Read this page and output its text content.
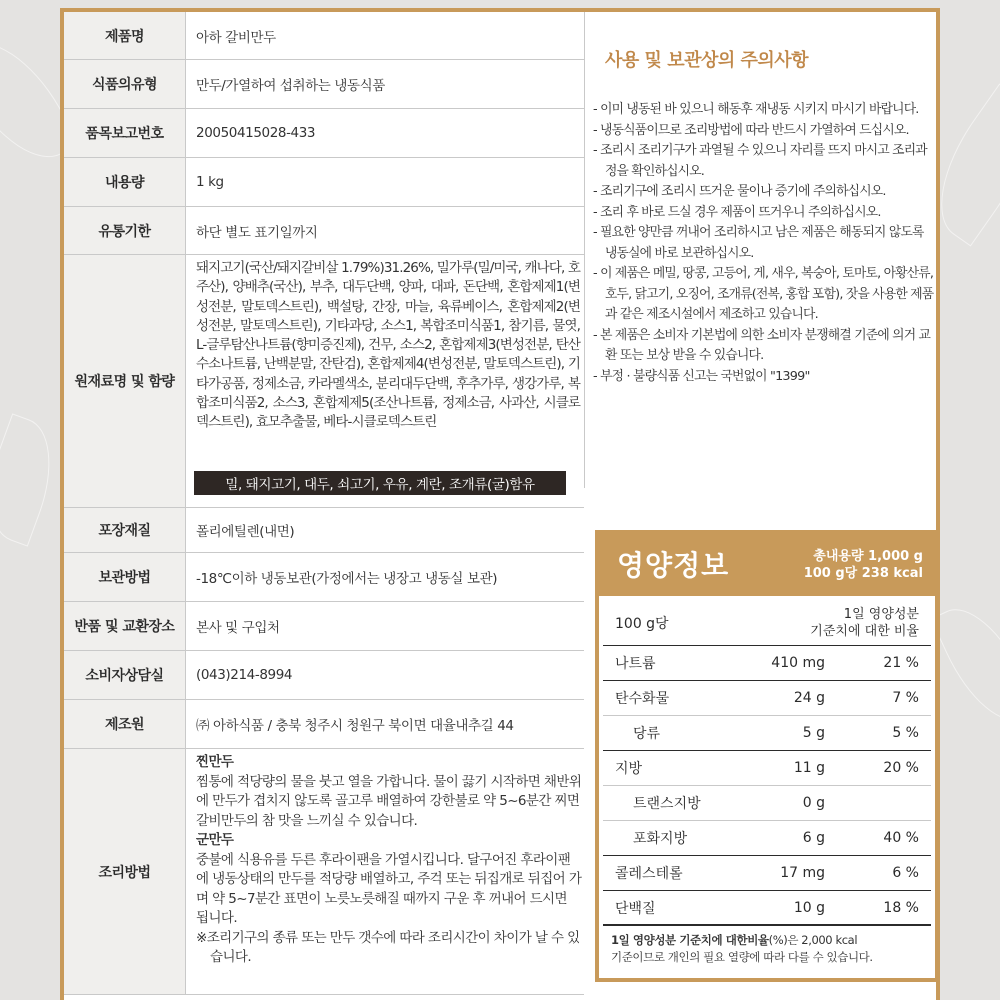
제품명	아하 갈비만두
식품의유형	만두/가열하여 섭취하는 냉동식품
품목보고번호	20050415028-433
내용량	1 kg
유통기한	하단 별도 표기일까지
원재료명 및 함량
돼지고기(국산/돼지갈비살 1.79%)31.26%, 밀가루(밀/미국, 캐나다, 호주산), 양배추(국산), 부추, 대두단백, 양파, 대파, 돈단백, 혼합제제1(변성전분, 말토덱스트린), 백설탕, 간장, 마늘, 육류베이스, 혼합제제2(변성전분, 말토덱스트린), 기타과당, 소스1, 복합조미식품1, 참기름, 물엿, L-글루탐산나트륨(향미증진제), 건무, 소스2, 혼합제제3(변성전분, 탄산수소나트륨, 난백분말, 잔탄검), 혼합제제4(변성전분, 말토덱스트린), 기타가공품, 정제소금, 카라멜색소, 분리대두단백, 후추가루, 생강가루, 복합조미식품2, 소스3, 혼합제제5(조산나트륨, 정제소금, 사과산, 시클로덱스트린), 효모추출물, 베타-시클로덱스트린
밀, 돼지고기, 대두, 쇠고기, 우유, 계란, 조개류(굴)함유
포장재질	폴리에틸렌(내면)
보관방법	-18℃이하 냉동보관(가정에서는 냉장고 냉동실 보관)
반품 및 교환장소	본사 및 구입처
소비자상담실	(043)214-8994
제조원	㈜ 아하식품 / 충북 청주시 청원구 북이면 대율내추길 44
조리방법
찐만두
찜통에 적당량의 물을 붓고 열을 가합니다. 물이 끓기 시작하면 채반위에 만두가 겹치지 않도록 골고루 배열하여 강한불로 약 5~6분간 찌면 갈비만두의 참 맛을 느끼실 수 있습니다.
군만두
중불에 식용유를 두른 후라이팬을 가열시킵니다. 달구어진 후라이팬에 냉동상태의 만두를 적당량 배열하고, 주걱 또는 뒤집개로 뒤집어 가며 약 5~7분간 표면이 노릇노릇해질 때까지 구운 후 꺼내어 드시면 됩니다.
※조리기구의 종류 또는 만두 갯수에 따라 조리시간이 차이가 날 수 있습니다.
사용 및 보관상의 주의사항
- 이미 냉동된 바 있으니 해동후 재냉동 시키지 마시기 바랍니다.
- 냉동식품이므로 조리방법에 따라 반드시 가열하여 드십시오.
- 조리시 조리기구가 과열될 수 있으니 자리를 뜨지 마시고 조리과정을 확인하십시오.
- 조리기구에 조리시 뜨거운 물이나 증기에 주의하십시오.
- 조리 후 바로 드실 경우 제품이 뜨거우니 주의하십시오.
- 필요한 양만큼 꺼내어 조리하시고 남은 제품은 해동되지 않도록 냉동실에 바로 보관하십시오.
- 이 제품은 메밀, 땅콩, 고등어, 게, 새우, 복숭아, 토마토, 아황산류, 호두, 닭고기, 오징어, 조개류(전복, 홍합 포함), 잣을 사용한 제품과 같은 제조시설에서 제조하고 있습니다.
- 본 제품은 소비자 기본법에 의한 소비자 분쟁해결 기준에 의거 교환 또는 보상 받을 수 있습니다.
- 부정 · 불량식품 신고는 국번없이 "1399"
영양정보	총내용량 1,000 g
100 g당 238 kcal
100 g당
1일 영양성분
기준치에 대한 비율
나트륨	410 mg	21 %
탄수화물	24 g	7 %
당류	5 g	5 %
지방	11 g	20 %
트랜스지방	0 g
포화지방	6 g	40 %
콜레스테롤	17 mg	6 %
단백질	10 g	18 %
1일 영양성분 기준치에 대한비율(%)은 2,000 kcal
기준이므로 개인의 필요 열량에 따라 다를 수 있습니다.
